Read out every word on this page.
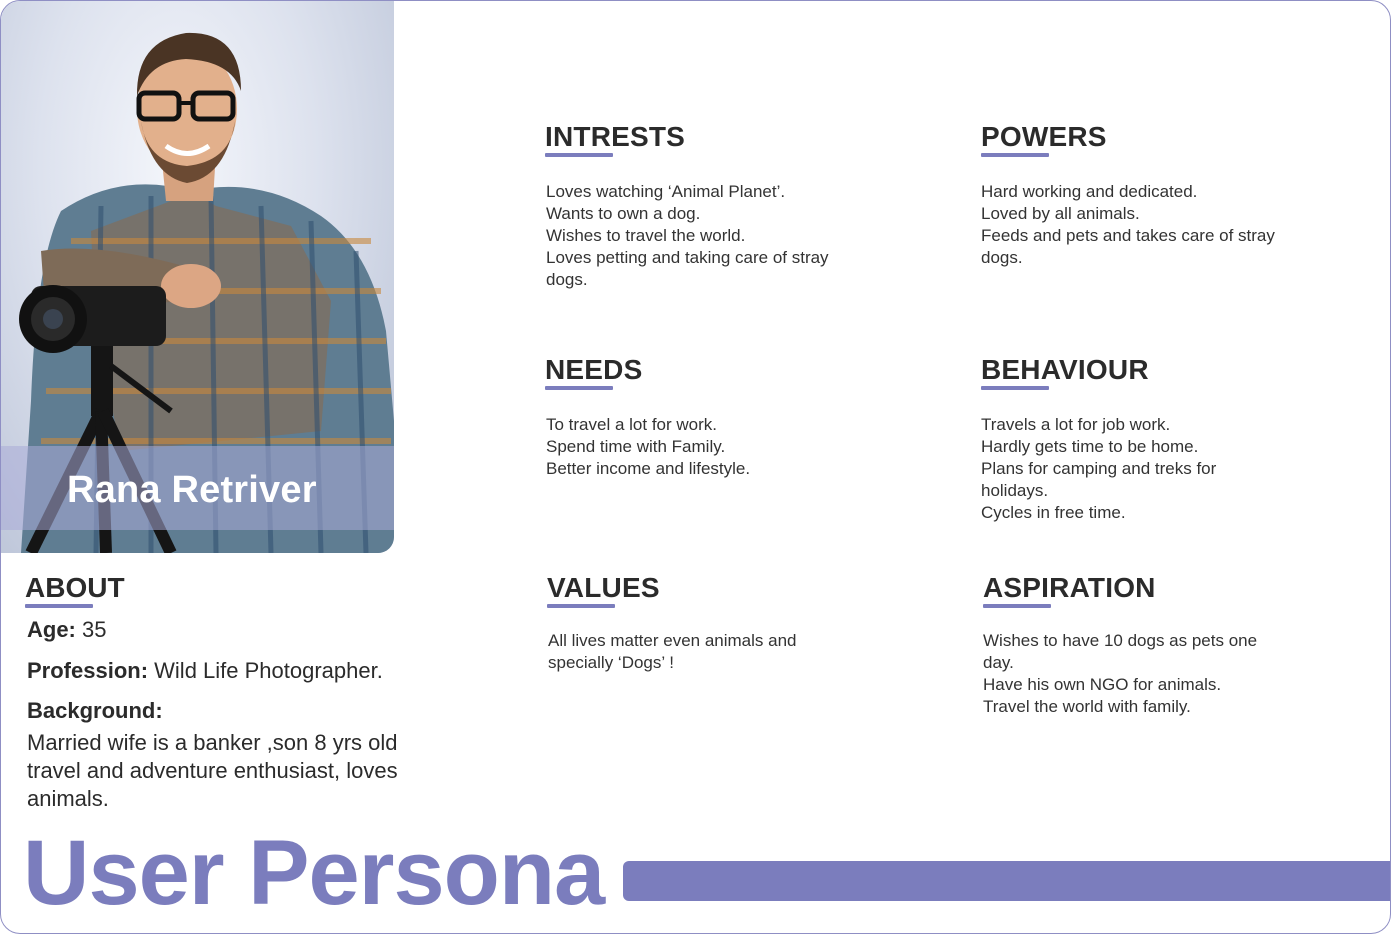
Rana Retriver
INTRESTS
Loves watching ‘Animal Planet’.
Wants to own a dog.
Wishes to travel the world.
Loves petting and taking care of stray
dogs.
POWERS
Hard working and dedicated.
Loved by all animals.
Feeds and pets and takes care of stray
dogs.
NEEDS
To travel a lot for work.
Spend time with Family.
Better income and lifestyle.
BEHAVIOUR
Travels a lot for job work.
Hardly gets time to be home.
Plans for camping and treks for
holidays.
Cycles in free time.
VALUES
All lives matter even animals and
specially ‘Dogs’ !
ASPIRATION
Wishes to have 10 dogs as pets one
day.
Have his own NGO for animals.
Travel the world with family.
ABOUT
Age: 35
Profession: Wild Life Photographer.
Background:
Married wife is a banker ,son 8 yrs old
travel and adventure enthusiast, loves
animals.
User Persona
